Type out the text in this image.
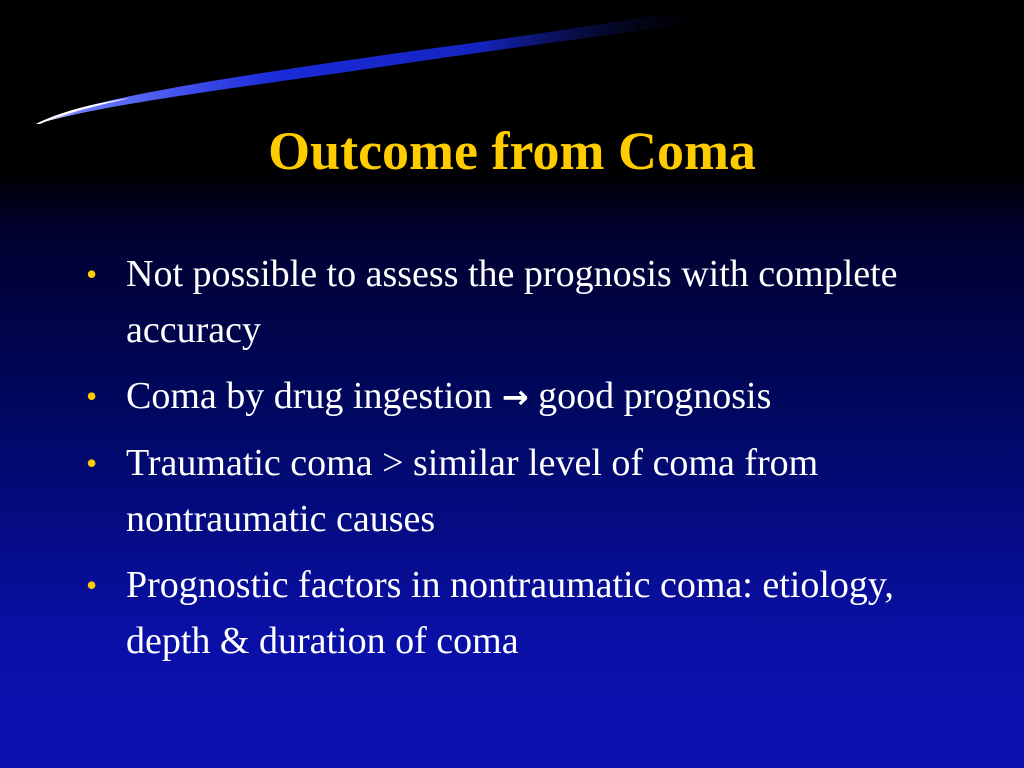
Outcome from Coma
• Not possible to assess the prognosis with complete accuracy
• Coma by drug ingestion → good prognosis
• Traumatic coma > similar level of coma from nontraumatic causes
• Prognostic factors in nontraumatic coma: etiology, depth & duration of coma
